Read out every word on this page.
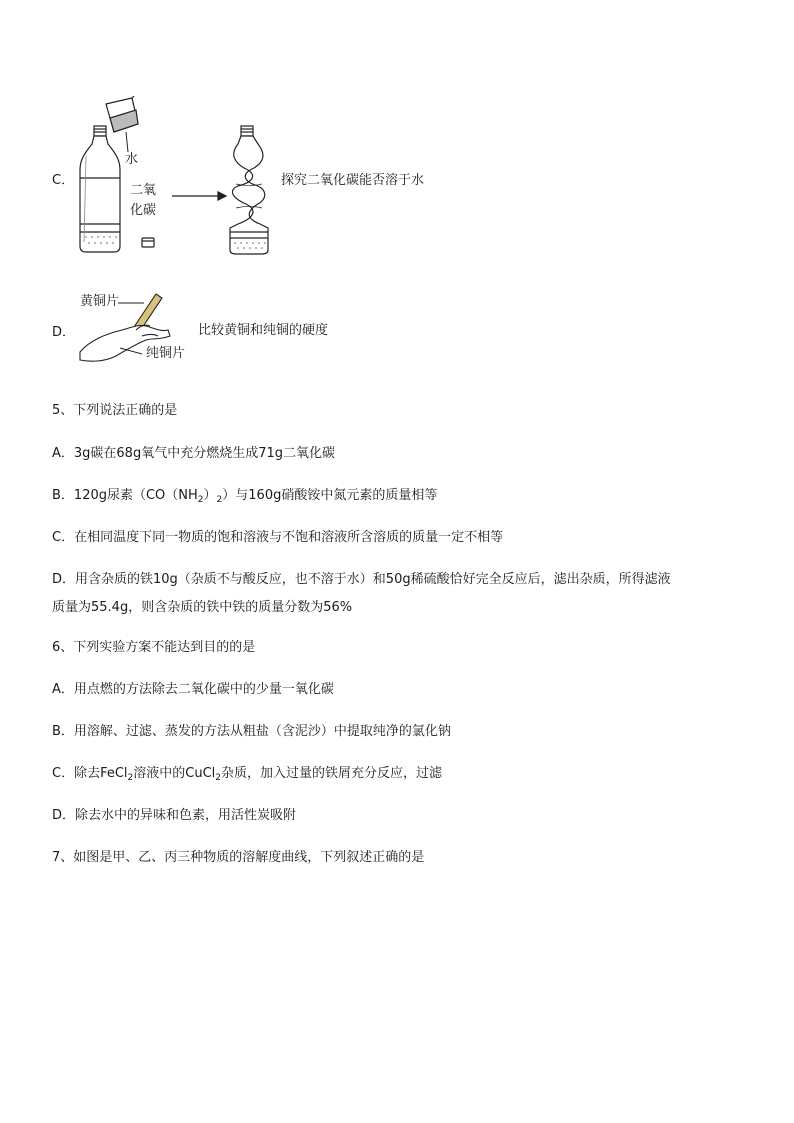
C．
水
二氧
化碳
探究二氧化碳能否溶于水
D．
黄铜片
纯铜片
比较黄铜和纯铜的硬度
5、下列说法正确的是
A．3g碳在68g氧气中充分燃烧生成71g二氧化碳
B．120g尿素$(CO(NH_2)_2)$与160g硝酸铵中氮元素的质量相等
C．在相同温度下同一物质的饱和溶液与不饱和溶液所含溶质的质量一定不相等
D．用含杂质的铁10g（杂质不与酸反应，也不溶于水）和50g稀硫酸恰好完全反应后，滤出杂质，所得滤液
质量为55.4g，则含杂质的铁中铁的质量分数为56%
6、下列实验方案不能达到目的的是
A．用点燃的方法除去二氧化碳中的少量一氧化碳
B．用溶解、过滤、蒸发的方法从粗盐（含泥沙）中提取纯净的氯化钠
C．除去FeCl$_2$溶液中的CuCl$_2$杂质，加入过量的铁屑充分反应，过滤
D．除去水中的异味和色素，用活性炭吸附
7、如图是甲、乙、丙三种物质的溶解度曲线，下列叙述正确的是
